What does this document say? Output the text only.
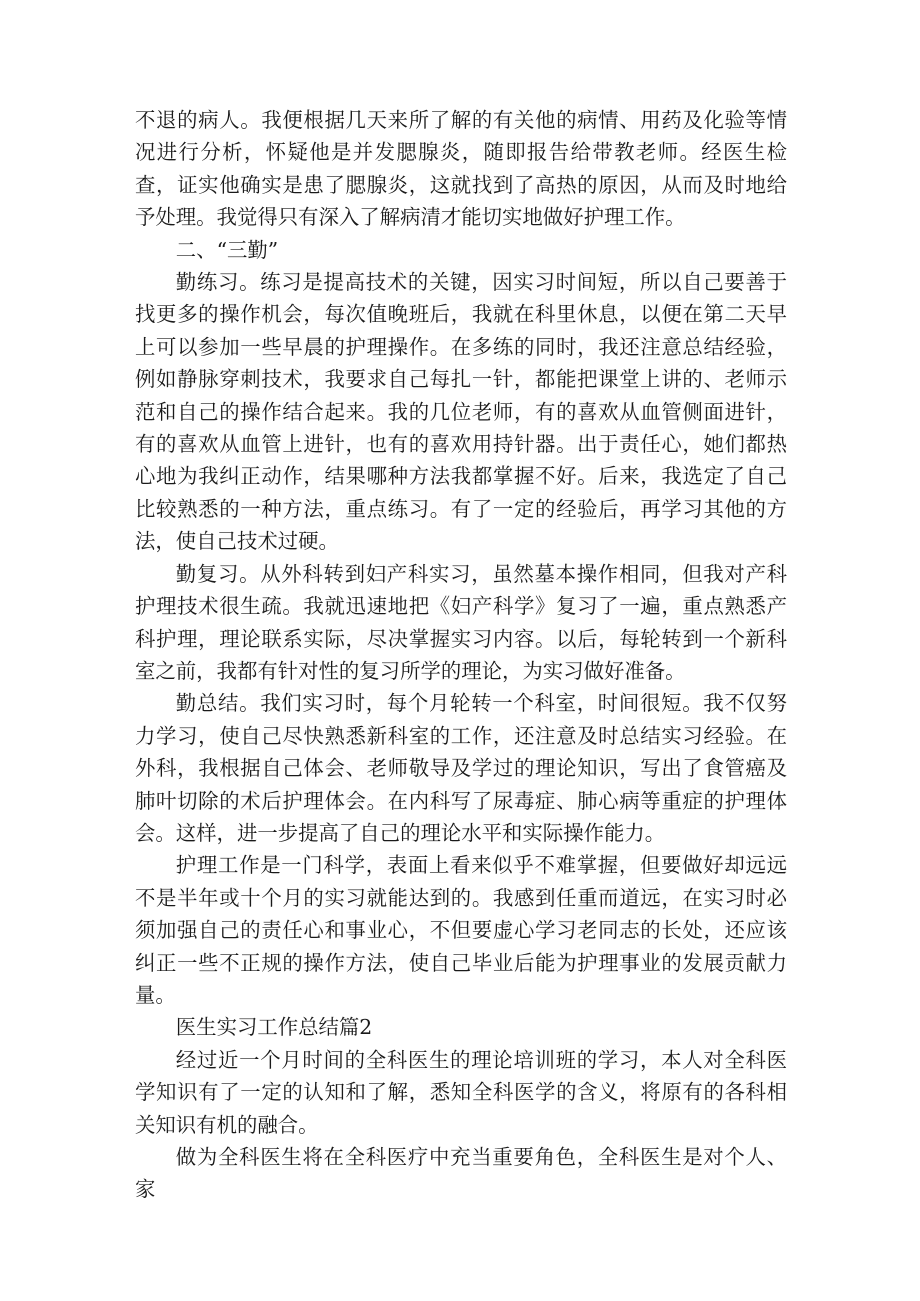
不退的病人。我便根据几天来所了解的有关他的病情、用药及化验等情况进行分析，怀疑他是并发腮腺炎，随即报告给带教老师。经医生检查，证实他确实是患了腮腺炎，这就找到了高热的原因，从而及时地给予处理。我觉得只有深入了解病清才能切实地做好护理工作。

二、“三勤”

勤练习。练习是提高技术的关键，因实习时间短，所以自己要善于找更多的操作机会，每次值晚班后，我就在科里休息，以便在第二天早上可以参加一些早晨的护理操作。在多练的同时，我还注意总结经验，例如静脉穿刺技术，我要求自己每扎一针，都能把课堂上讲的、老师示范和自己的操作结合起来。我的几位老师，有的喜欢从血管侧面进针，有的喜欢从血管上进针，也有的喜欢用持针器。出于责任心，她们都热心地为我纠正动作，结果哪种方法我都掌握不好。后来，我选定了自己比较熟悉的一种方法，重点练习。有了一定的经验后，再学习其他的方法，使自己技术过硬。

勤复习。从外科转到妇产科实习，虽然墓本操作相同，但我对产科护理技术很生疏。我就迅速地把《妇产科学》复习了一遍，重点熟悉产科护理，理论联系实际，尽决掌握实习内容。以后，每轮转到一个新科室之前，我都有针对性的复习所学的理论，为实习做好准备。

勤总结。我们实习时，每个月轮转一个科室，时间很短。我不仅努力学习，使自己尽快熟悉新科室的工作，还注意及时总结实习经验。在外科，我根据自己体会、老师敬导及学过的理论知识，写出了食管癌及肺叶切除的术后护理体会。在内科写了尿毒症、肺心病等重症的护理体会。这样，进一步提高了自己的理论水平和实际操作能力。

护理工作是一门科学，表面上看来似乎不难掌握，但要做好却远远不是半年或十个月的实习就能达到的。我感到任重而道远，在实习时必须加强自己的责任心和事业心，不但要虚心学习老同志的长处，还应该纠正一些不正规的操作方法，使自己毕业后能为护理事业的发展贡献力量。

医生实习工作总结篇2

经过近一个月时间的全科医生的理论培训班的学习，本人对全科医学知识有了一定的认知和了解，悉知全科医学的含义，将原有的各科相关知识有机的融合。

做为全科医生将在全科医疗中充当重要角色，全科医生是对个人、家
